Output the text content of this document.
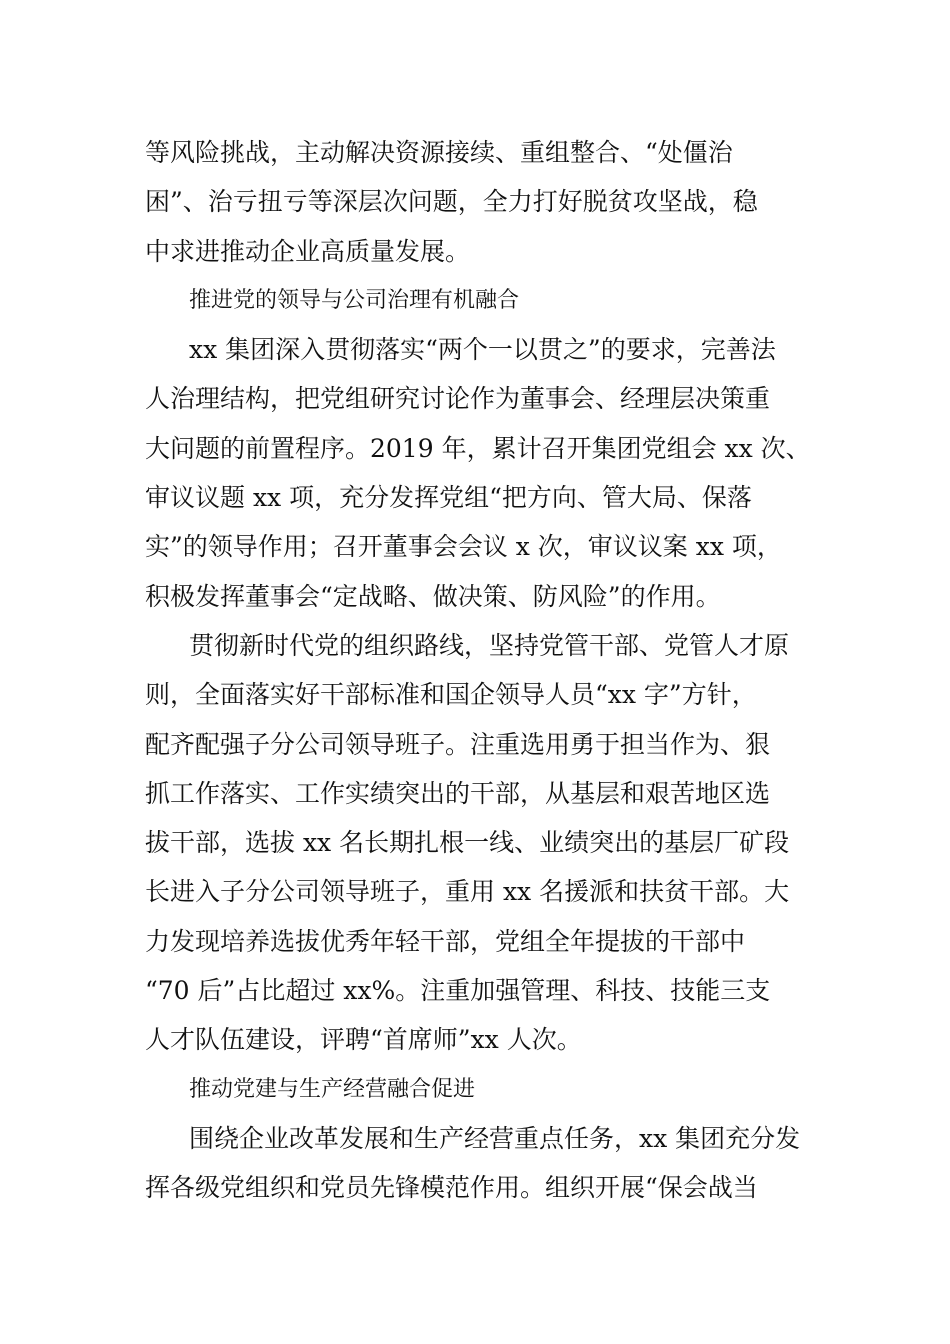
等风险挑战，主动解决资源接续、重组整合、“处僵治
困”、治亏扭亏等深层次问题，全力打好脱贫攻坚战，稳
中求进推动企业高质量发展。
推进党的领导与公司治理有机融合
xx 集团深入贯彻落实“两个一以贯之”的要求，完善法
人治理结构，把党组研究讨论作为董事会、经理层决策重
大问题的前置程序。2019 年，累计召开集团党组会 xx 次、
审议议题 xx 项，充分发挥党组“把方向、管大局、保落
实”的领导作用；召开董事会会议 x 次，审议议案 xx 项，
积极发挥董事会“定战略、做决策、防风险”的作用。
贯彻新时代党的组织路线，坚持党管干部、党管人才原
则，全面落实好干部标准和国企领导人员“xx 字”方针，
配齐配强子分公司领导班子。注重选用勇于担当作为、狠
抓工作落实、工作实绩突出的干部，从基层和艰苦地区选
拔干部，选拔 xx 名长期扎根一线、业绩突出的基层厂矿段
长进入子分公司领导班子，重用 xx 名援派和扶贫干部。大
力发现培养选拔优秀年轻干部，党组全年提拔的干部中
“70 后”占比超过 xx%。注重加强管理、科技、技能三支
人才队伍建设，评聘“首席师”xx 人次。
推动党建与生产经营融合促进
围绕企业改革发展和生产经营重点任务，xx 集团充分发
挥各级党组织和党员先锋模范作用。组织开展“保会战当
